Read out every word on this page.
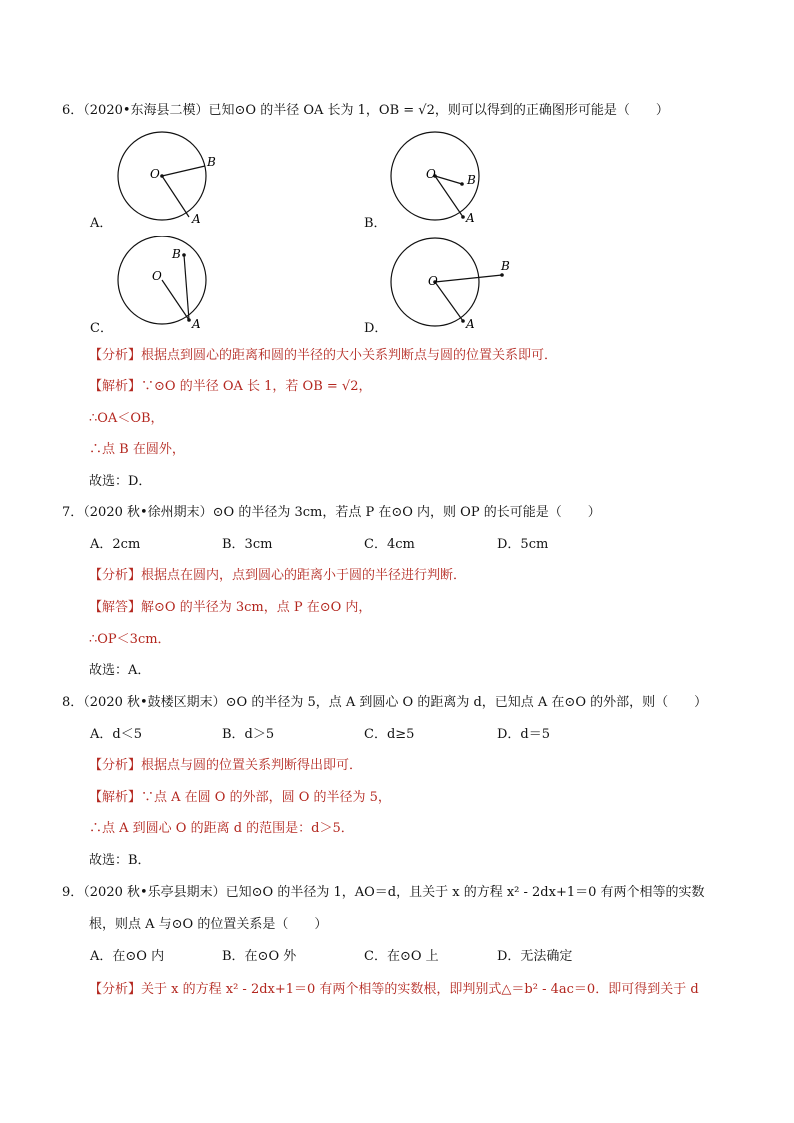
6．（2020•东海县二模）已知⊙O 的半径 OA 长为 1，OB = √2，则可以得到的正确图形可能是（　　）
O
B
A
A．
O	B
A
B．
O
B
A
C．
O
B
A
D．
【分析】根据点到圆心的距离和圆的半径的大小关系判断点与圆的位置关系即可．
【解析】∵⊙O 的半径 OA 长 1，若 OB = √2，
∴OA＜OB，
∴点 B 在圆外，
故选：D．
7．（2020 秋•徐州期末）⊙O 的半径为 3cm，若点 P 在⊙O 内，则 OP 的长可能是（　　）
A．2cm	B．3cm	C．4cm	D．5cm
【分析】根据点在圆内，点到圆心的距离小于圆的半径进行判断．
【解答】解⊙O 的半径为 3cm，点 P 在⊙O 内，
∴OP＜3cm．
故选：A．
8．（2020 秋•鼓楼区期末）⊙O 的半径为 5，点 A 到圆心 O 的距离为 d，已知点 A 在⊙O 的外部，则（　　）
A．d＜5	B．d＞5	C．d≥5	D．d＝5
【分析】根据点与圆的位置关系判断得出即可．
【解析】∵点 A 在圆 O 的外部，圆 O 的半径为 5，
∴点 A 到圆心 O 的距离 d 的范围是：d＞5．
故选：B．
9．（2020 秋•乐亭县期末）已知⊙O 的半径为 1，AO＝d，且关于 x 的方程 x² - 2dx+1＝0 有两个相等的实数
根，则点 A 与⊙O 的位置关系是（　　）
A．在⊙O 内	B．在⊙O 外	C．在⊙O 上	D．无法确定
【分析】关于 x 的方程 x² - 2dx+1＝0 有两个相等的实数根，即判别式△＝b² - 4ac＝0．即可得到关于 d
